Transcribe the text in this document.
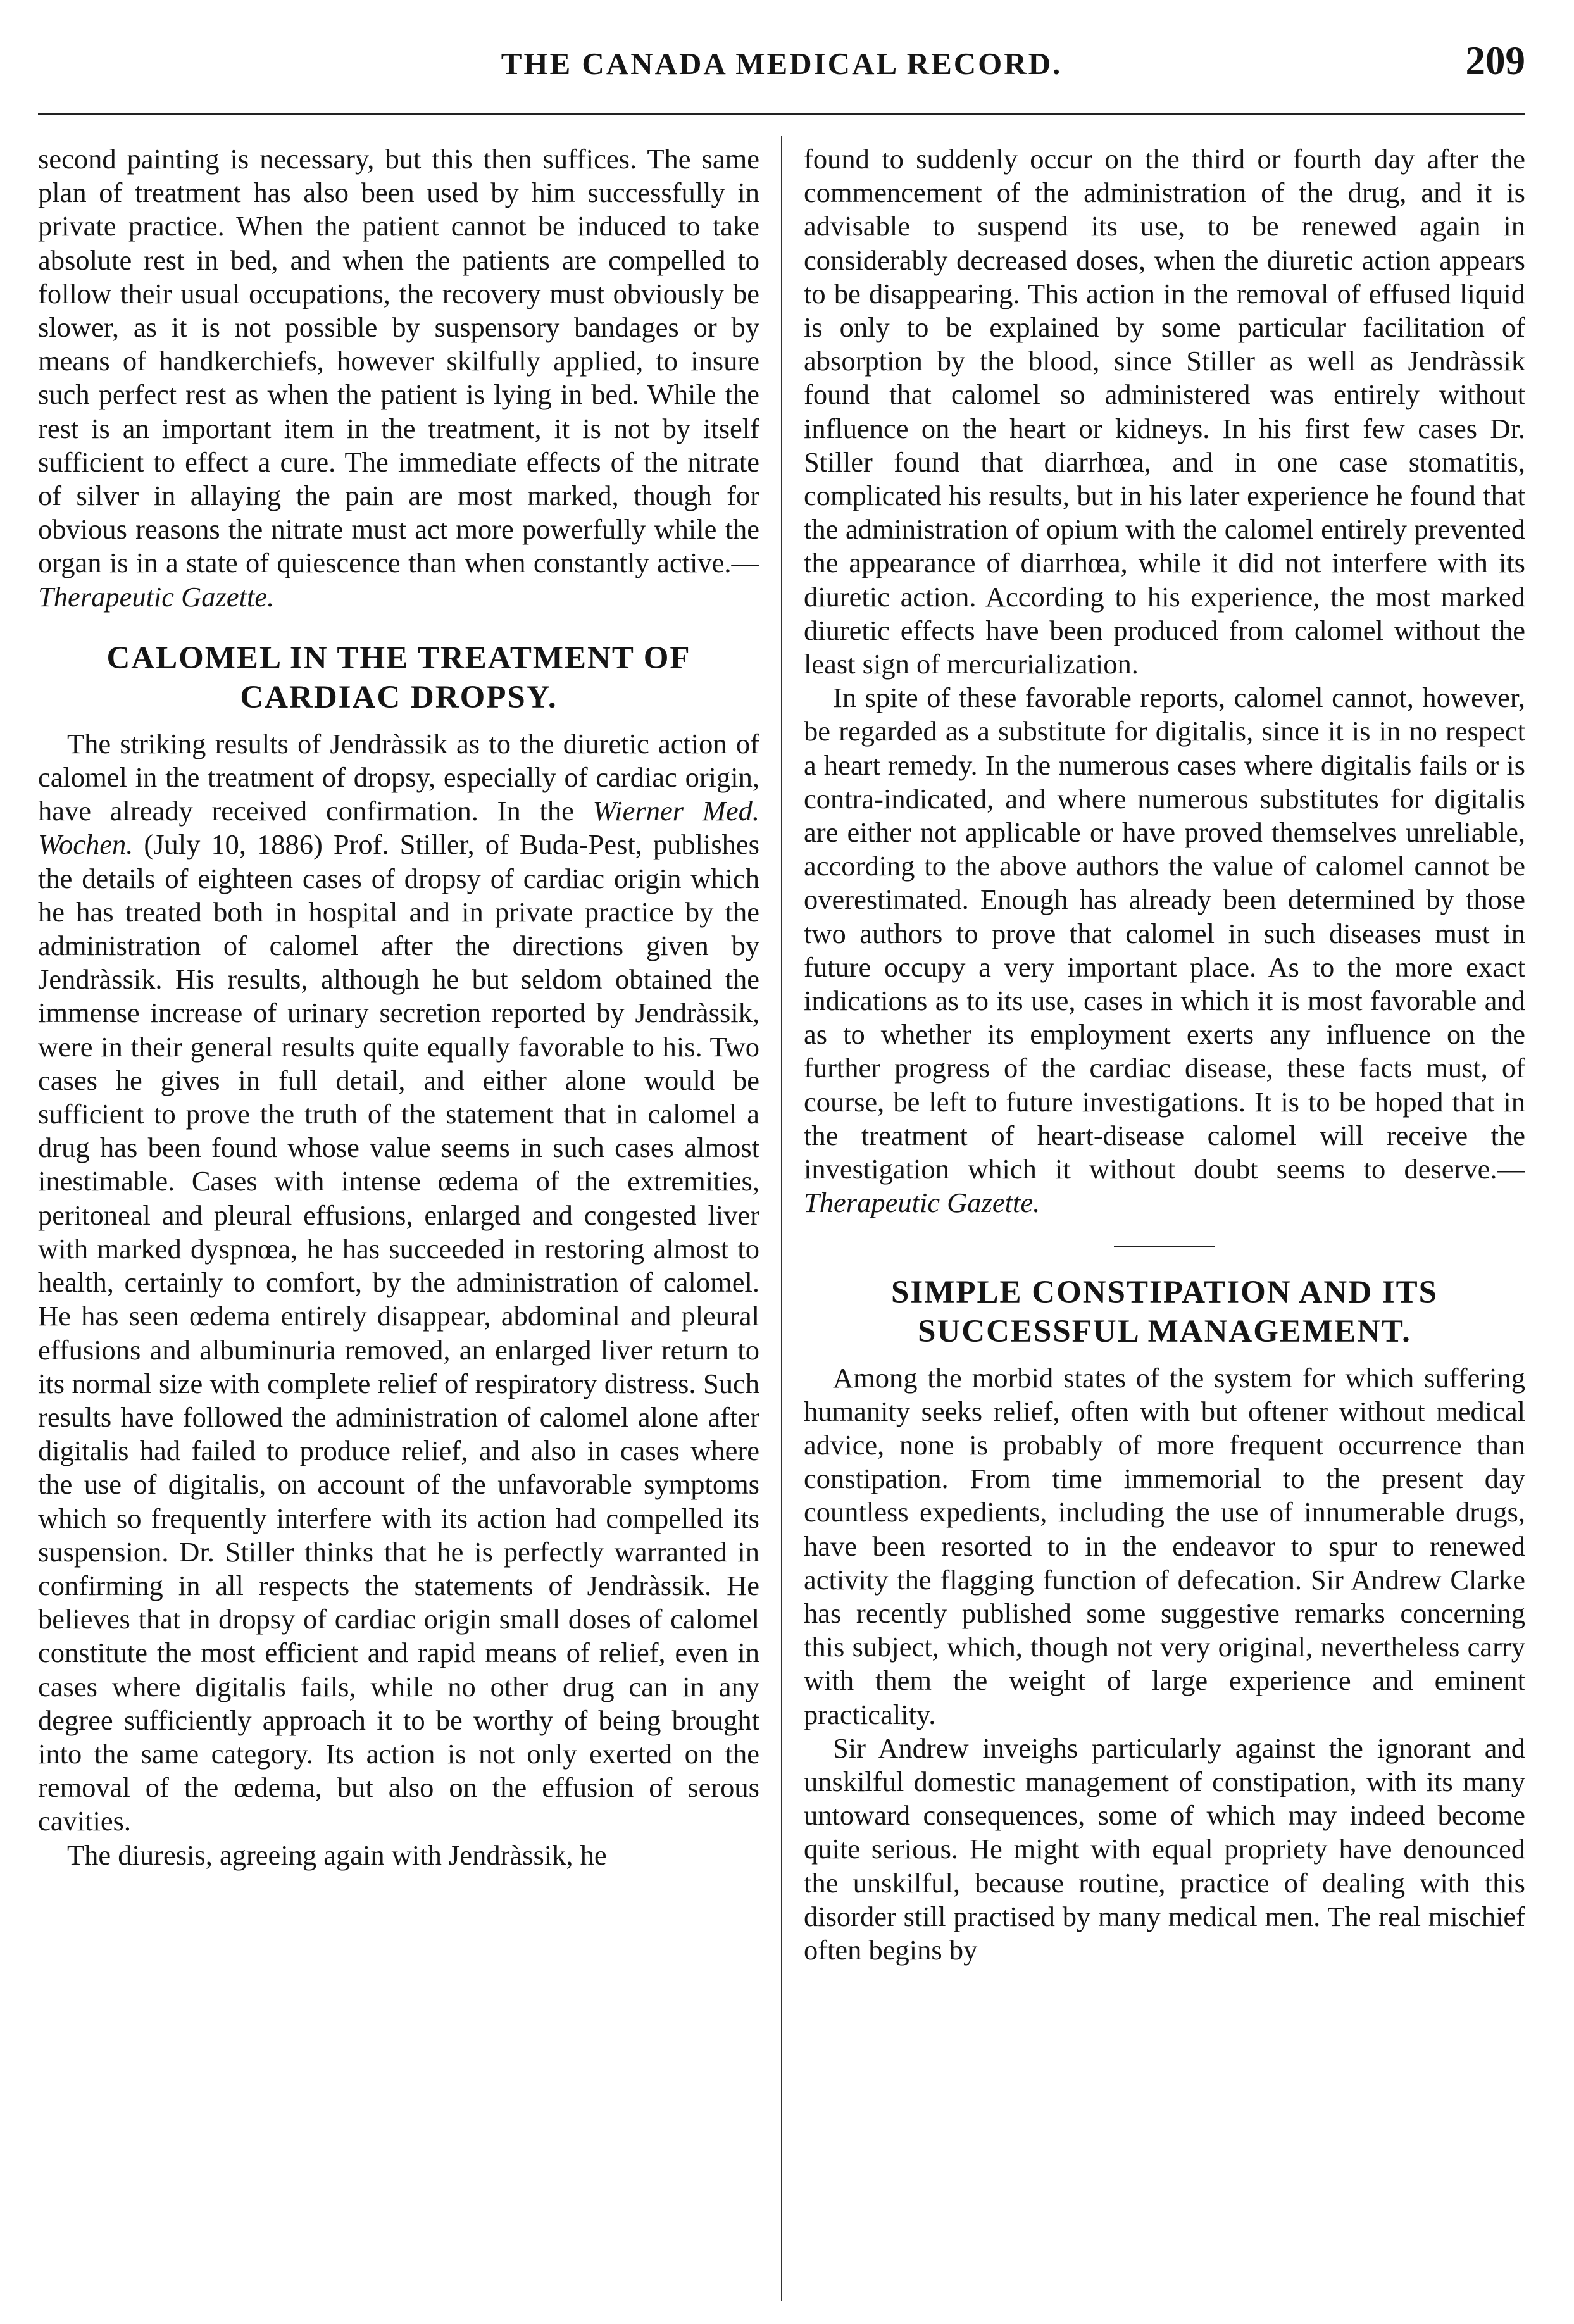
THE CANADA MEDICAL RECORD.	209

second painting is necessary, but this then suffices. The same plan of treatment has also been used by him successfully in private practice. When the patient cannot be induced to take absolute rest in bed, and when the patients are compelled to follow their usual occupations, the recovery must obviously be slower, as it is not possible by suspensory bandages or by means of handkerchiefs, however skilfully applied, to insure such perfect rest as when the patient is lying in bed. While the rest is an important item in the treatment, it is not by itself sufficient to effect a cure. The immediate effects of the nitrate of silver in allaying the pain are most marked, though for obvious reasons the nitrate must act more powerfully while the organ is in a state of quiescence than when constantly active.—Therapeutic Gazette.

CALOMEL IN THE TREATMENT OF CARDIAC DROPSY.

The striking results of Jendràssik as to the diuretic action of calomel in the treatment of dropsy, especially of cardiac origin, have already received confirmation. In the Wierner Med. Wochen. (July 10, 1886) Prof. Stiller, of Buda-Pest, publishes the details of eighteen cases of dropsy of cardiac origin which he has treated both in hospital and in private practice by the administration of calomel after the directions given by Jendràssik. His results, although he but seldom obtained the immense increase of urinary secretion reported by Jendràssik, were in their general results quite equally favorable to his. Two cases he gives in full detail, and either alone would be sufficient to prove the truth of the statement that in calomel a drug has been found whose value seems in such cases almost inestimable. Cases with intense œdema of the extremities, peritoneal and pleural effusions, enlarged and congested liver with marked dyspnœa, he has succeeded in restoring almost to health, certainly to comfort, by the administration of calomel. He has seen œdema entirely disappear, abdominal and pleural effusions and albuminuria removed, an enlarged liver return to its normal size with complete relief of respiratory distress. Such results have followed the administration of calomel alone after digitalis had failed to produce relief, and also in cases where the use of digitalis, on account of the unfavorable symptoms which so frequently interfere with its action had compelled its suspension. Dr. Stiller thinks that he is perfectly warranted in confirming in all respects the statements of Jendràssik. He believes that in dropsy of cardiac origin small doses of calomel constitute the most efficient and rapid means of relief, even in cases where digitalis fails, while no other drug can in any degree sufficiently approach it to be worthy of being brought into the same category. Its action is not only exerted on the removal of the œdema, but also on the effusion of serous cavities.

The diuresis, agreeing again with Jendràssik, he

found to suddenly occur on the third or fourth day after the commencement of the administration of the drug, and it is advisable to suspend its use, to be renewed again in considerably decreased doses, when the diuretic action appears to be disappearing. This action in the removal of effused liquid is only to be explained by some particular facilitation of absorption by the blood, since Stiller as well as Jendràssik found that calomel so administered was entirely without influence on the heart or kidneys. In his first few cases Dr. Stiller found that diarrhœa, and in one case stomatitis, complicated his results, but in his later experience he found that the administration of opium with the calomel entirely prevented the appearance of diarrhœa, while it did not interfere with its diuretic action. According to his experience, the most marked diuretic effects have been produced from calomel without the least sign of mercurialization.

In spite of these favorable reports, calomel cannot, however, be regarded as a substitute for digitalis, since it is in no respect a heart remedy. In the numerous cases where digitalis fails or is contra-indicated, and where numerous substitutes for digitalis are either not applicable or have proved themselves unreliable, according to the above authors the value of calomel cannot be overestimated. Enough has already been determined by those two authors to prove that calomel in such diseases must in future occupy a very important place. As to the more exact indications as to its use, cases in which it is most favorable and as to whether its employment exerts any influence on the further progress of the cardiac disease, these facts must, of course, be left to future investigations. It is to be hoped that in the treatment of heart-disease calomel will receive the investigation which it without doubt seems to deserve.—Therapeutic Gazette.

SIMPLE CONSTIPATION AND ITS SUCCESSFUL MANAGEMENT.

Among the morbid states of the system for which suffering humanity seeks relief, often with but oftener without medical advice, none is probably of more frequent occurrence than constipation. From time immemorial to the present day countless expedients, including the use of innumerable drugs, have been resorted to in the endeavor to spur to renewed activity the flagging function of defecation. Sir Andrew Clarke has recently published some suggestive remarks concerning this subject, which, though not very original, nevertheless carry with them the weight of large experience and eminent practicality.

Sir Andrew inveighs particularly against the ignorant and unskilful domestic management of constipation, with its many untoward consequences, some of which may indeed become quite serious. He might with equal propriety have denounced the unskilful, because routine, practice of dealing with this disorder still practised by many medical men. The real mischief often begins by
